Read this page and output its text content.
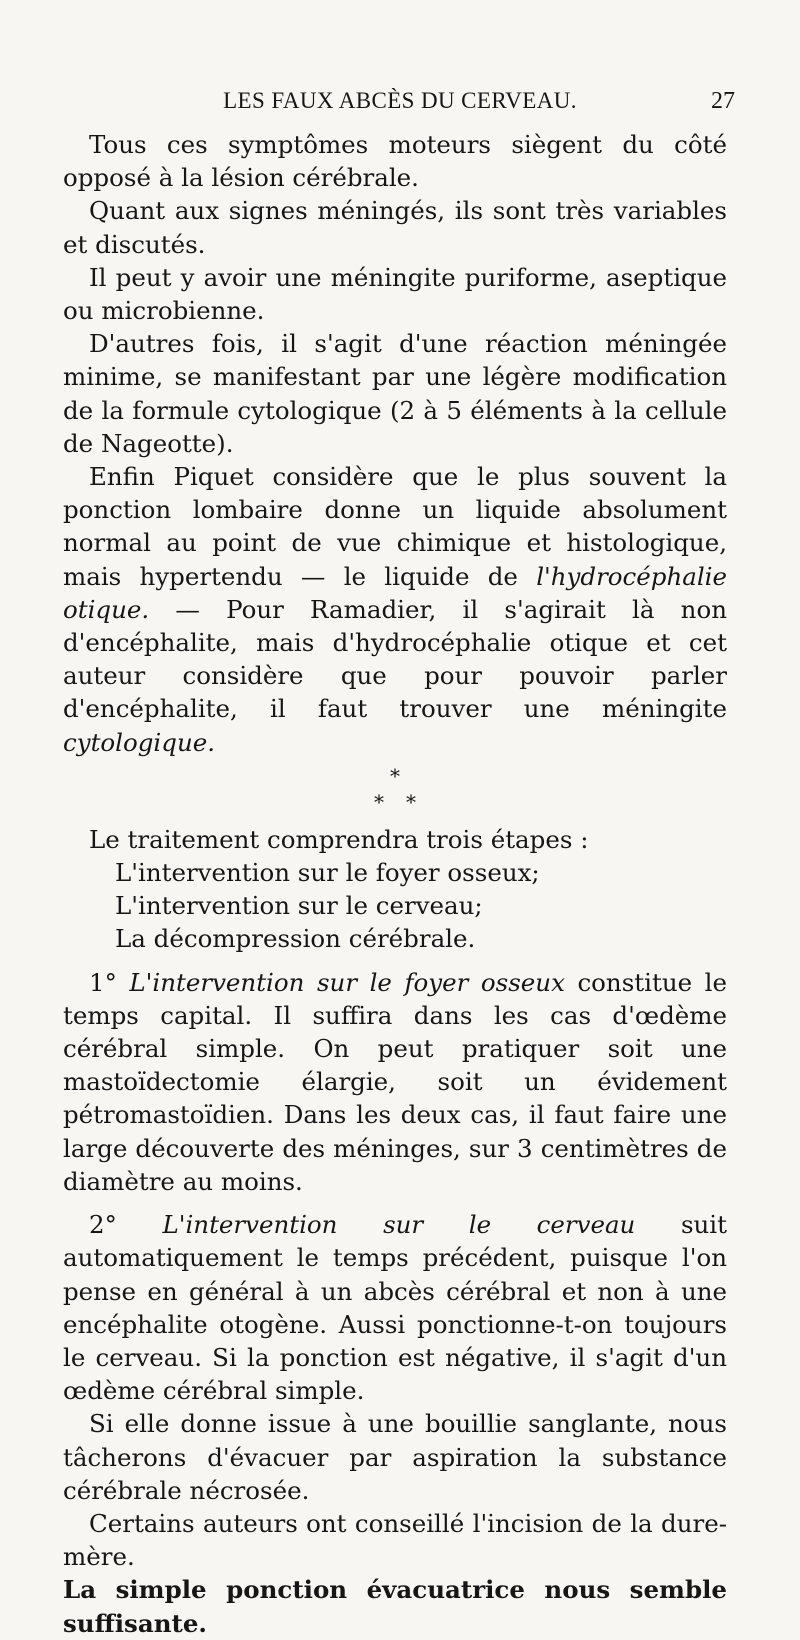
LES FAUX ABCÈS DU CERVEAU.	27

Tous ces symptômes moteurs siègent du côté opposé à la lésion cérébrale.

Quant aux signes méningés, ils sont très variables et discutés.

Il peut y avoir une méningite puriforme, aseptique ou microbienne.

D'autres fois, il s'agit d'une réaction méningée minime, se manifestant par une légère modification de la formule cytologique (2 à 5 éléments à la cellule de Nageotte).

Enfin Piquet considère que le plus souvent la ponction lombaire donne un liquide absolument normal au point de vue chimique et histologique, mais hypertendu — le liquide de l'hydrocéphalie otique. — Pour Ramadier, il s'agirait là non d'encéphalite, mais d'hydrocéphalie otique et cet auteur considère que pour pouvoir parler d'encéphalite, il faut trouver une méningite cytologique.

*
**

Le traitement comprendra trois étapes :

L'intervention sur le foyer osseux;
L'intervention sur le cerveau;
La décompression cérébrale.

1° L'intervention sur le foyer osseux constitue le temps capital. Il suffira dans les cas d'œdème cérébral simple. On peut pratiquer soit une mastoïdectomie élargie, soit un évidement pétromastoïdien. Dans les deux cas, il faut faire une large découverte des méninges, sur 3 centimètres de diamètre au moins.

2° L'intervention sur le cerveau suit automatiquement le temps précédent, puisque l'on pense en général à un abcès cérébral et non à une encéphalite otogène. Aussi ponctionne-t-on toujours le cerveau. Si la ponction est négative, il s'agit d'un œdème cérébral simple.

Si elle donne issue à une bouillie sanglante, nous tâcherons d'évacuer par aspiration la substance cérébrale nécrosée.

Certains auteurs ont conseillé l'incision de la dure-mère.

La simple ponction évacuatrice nous semble suffisante.
